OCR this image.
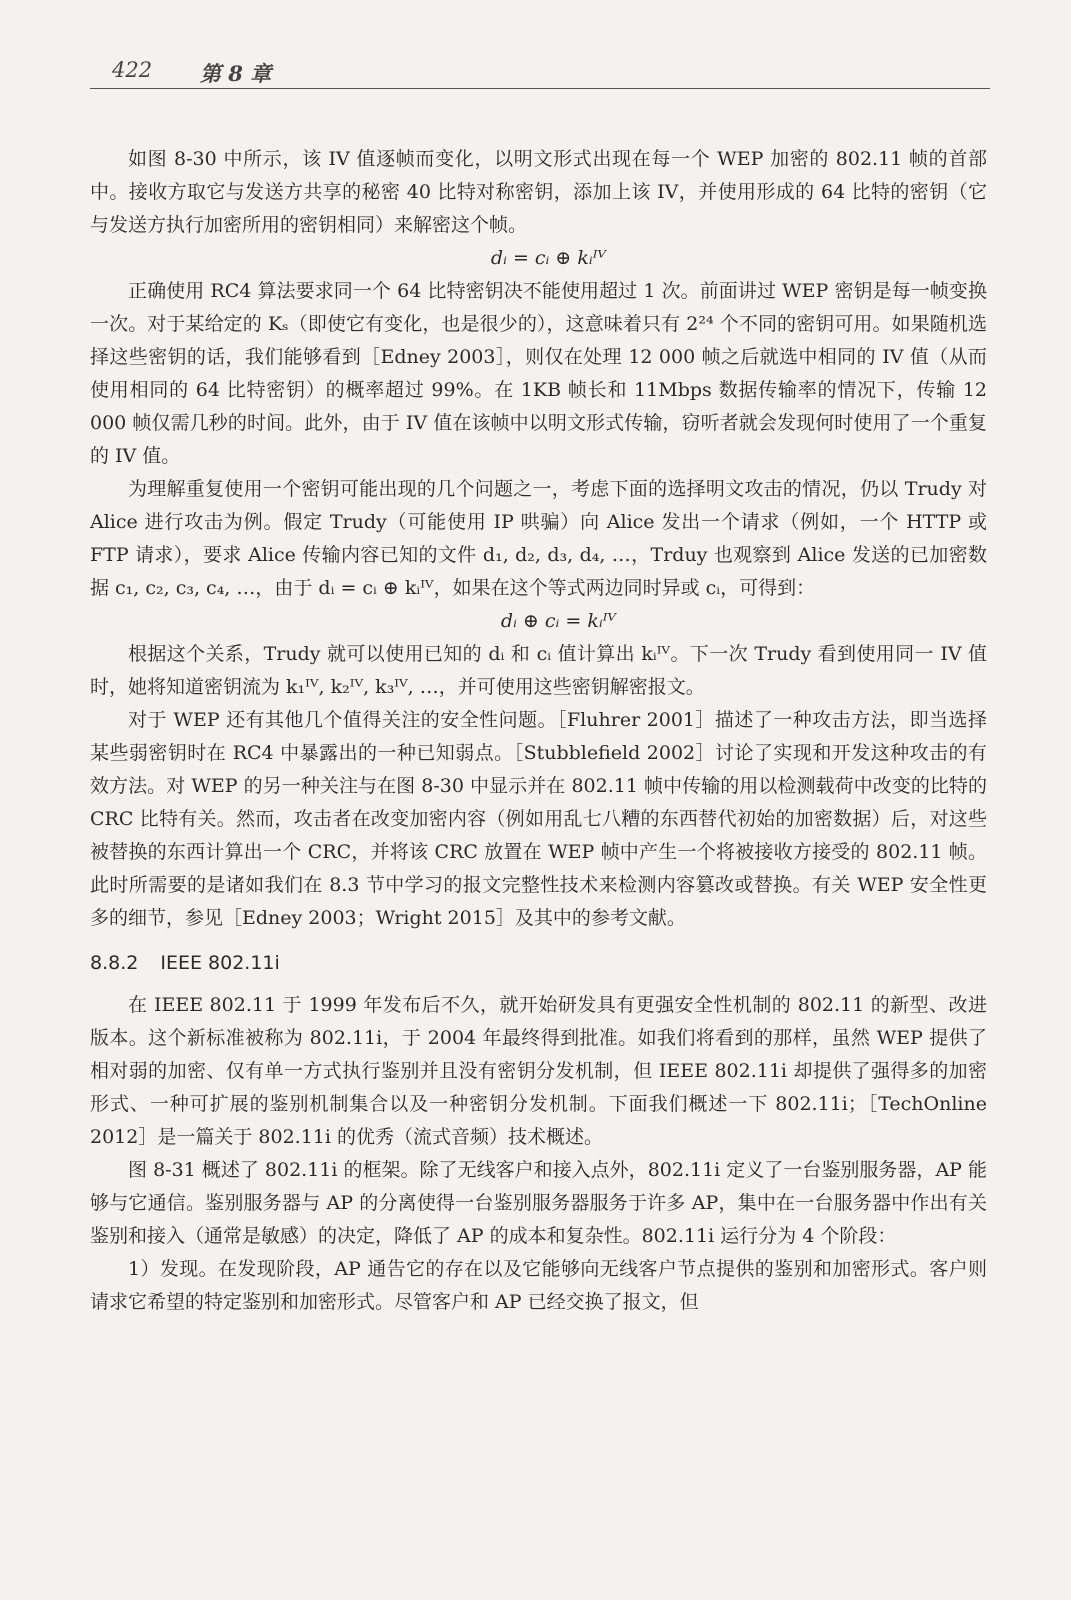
422 第 8 章

如图 8-30 中所示，该 IV 值逐帧而变化，以明文形式出现在每一个 WEP 加密的 802.11 帧的首部中。接收方取它与发送方共享的秘密 40 比特对称密钥，添加上该 IV，并使用形成的 64 比特的密钥（它与发送方执行加密所用的密钥相同）来解密这个帧。

dᵢ = cᵢ ⊕ kᵢᴵⱽ

正确使用 RC4 算法要求同一个 64 比特密钥决不能使用超过 1 次。前面讲过 WEP 密钥是每一帧变换一次。对于某给定的 Kₛ（即使它有变化，也是很少的），这意味着只有 2²⁴ 个不同的密钥可用。如果随机选择这些密钥的话，我们能够看到［Edney 2003］，则仅在处理 12 000 帧之后就选中相同的 IV 值（从而使用相同的 64 比特密钥）的概率超过 99%。在 1KB 帧长和 11Mbps 数据传输率的情况下，传输 12 000 帧仅需几秒的时间。此外，由于 IV 值在该帧中以明文形式传输，窃听者就会发现何时使用了一个重复的 IV 值。

为理解重复使用一个密钥可能出现的几个问题之一，考虑下面的选择明文攻击的情况，仍以 Trudy 对 Alice 进行攻击为例。假定 Trudy（可能使用 IP 哄骗）向 Alice 发出一个请求（例如，一个 HTTP 或 FTP 请求），要求 Alice 传输内容已知的文件 d₁, d₂, d₃, d₄, …，Trduy 也观察到 Alice 发送的已加密数据 c₁, c₂, c₃, c₄, …，由于 dᵢ = cᵢ ⊕ kᵢᴵⱽ，如果在这个等式两边同时异或 cᵢ，可得到：

dᵢ ⊕ cᵢ = kᵢᴵⱽ

根据这个关系，Trudy 就可以使用已知的 dᵢ 和 cᵢ 值计算出 kᵢᴵⱽ。下一次 Trudy 看到使用同一 IV 值时，她将知道密钥流为 k₁ᴵⱽ, k₂ᴵⱽ, k₃ᴵⱽ, …，并可使用这些密钥解密报文。

对于 WEP 还有其他几个值得关注的安全性问题。［Fluhrer 2001］描述了一种攻击方法，即当选择某些弱密钥时在 RC4 中暴露出的一种已知弱点。［Stubblefield 2002］讨论了实现和开发这种攻击的有效方法。对 WEP 的另一种关注与在图 8-30 中显示并在 802.11 帧中传输的用以检测载荷中改变的比特的 CRC 比特有关。然而，攻击者在改变加密内容（例如用乱七八糟的东西替代初始的加密数据）后，对这些被替换的东西计算出一个 CRC，并将该 CRC 放置在 WEP 帧中产生一个将被接收方接受的 802.11 帧。此时所需要的是诸如我们在 8.3 节中学习的报文完整性技术来检测内容篡改或替换。有关 WEP 安全性更多的细节，参见［Edney 2003；Wright 2015］及其中的参考文献。

8.8.2 IEEE 802.11i

在 IEEE 802.11 于 1999 年发布后不久，就开始研发具有更强安全性机制的 802.11 的新型、改进版本。这个新标准被称为 802.11i，于 2004 年最终得到批准。如我们将看到的那样，虽然 WEP 提供了相对弱的加密、仅有单一方式执行鉴别并且没有密钥分发机制，但 IEEE 802.11i 却提供了强得多的加密形式、一种可扩展的鉴别机制集合以及一种密钥分发机制。下面我们概述一下 802.11i；［TechOnline 2012］是一篇关于 802.11i 的优秀（流式音频）技术概述。

图 8-31 概述了 802.11i 的框架。除了无线客户和接入点外，802.11i 定义了一台鉴别服务器，AP 能够与它通信。鉴别服务器与 AP 的分离使得一台鉴别服务器服务于许多 AP，集中在一台服务器中作出有关鉴别和接入（通常是敏感）的决定，降低了 AP 的成本和复杂性。802.11i 运行分为 4 个阶段：

1）发现。在发现阶段，AP 通告它的存在以及它能够向无线客户节点提供的鉴别和加密形式。客户则请求它希望的特定鉴别和加密形式。尽管客户和 AP 已经交换了报文，但
